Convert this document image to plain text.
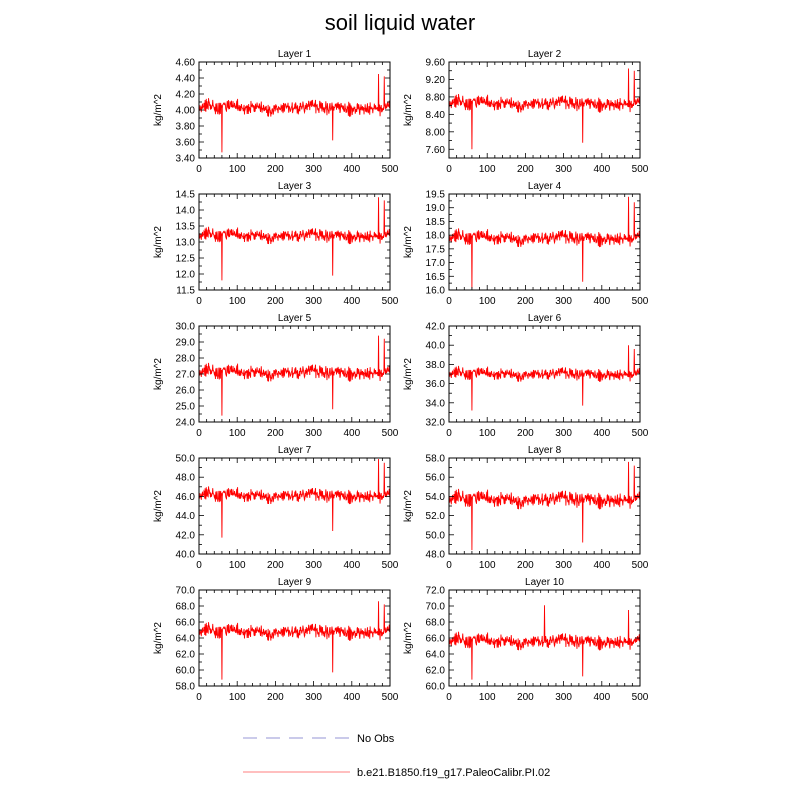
soil liquid water
Layer 1
kg/m^2
0	100 200 300 400 500
3.40
3.60
3.80
4.00
4.20
4.40
4.60
Layer 2
kg/m^2
0	100 200 300 400 500
7.60
8.00
8.40
8.80
9.20
9.60
Layer 3
kg/m^2
0	100 200 300 400 500
11.5
12.0
12.5
13.0
13.5
14.0
14.5
Layer 4
kg/m^2
0	100 200 300 400 500
16.0
16.5
17.0
17.5
18.0
18.5
19.0
19.5
Layer 5
kg/m^2
0	100 200 300 400 500
24.0
25.0
26.0
27.0
28.0
29.0
30.0
Layer 6
kg/m^2
0	100 200 300 400 500
32.0
34.0
36.0
38.0
40.0
42.0
Layer 7
kg/m^2
0	100 200 300 400 500
40.0
42.0
44.0
46.0
48.0
50.0
Layer 8
kg/m^2
0	100 200 300 400 500
48.0
50.0
52.0
54.0
56.0
58.0
Layer 9
kg/m^2
0	100 200 300 400 500
58.0
60.0
62.0
64.0
66.0
68.0
70.0
Layer 10
kg/m^2
0	100 200 300 400 500
60.0
62.0
64.0
66.0
68.0
70.0
72.0
No Obs
b.e21.B1850.f19_g17.PaleoCalibr.PI.02
